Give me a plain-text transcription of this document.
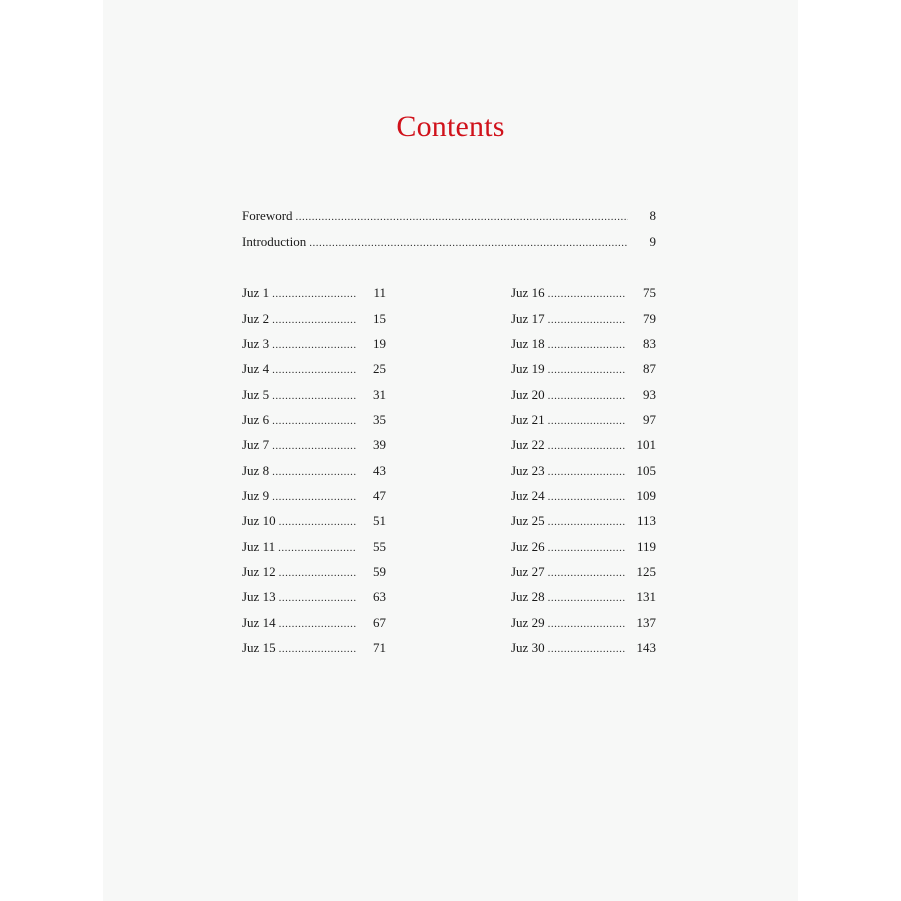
Contents
Foreword .....	8
Introduction .....	9
Juz 1 .....	11
Juz 2 .....	15
Juz 3 .....	19
Juz 4 .....	25
Juz 5 .....	31
Juz 6 .....	35
Juz 7 .....	39
Juz 8 .....	43
Juz 9 .....	47
Juz 10 .....	51
Juz 11 .....	55
Juz 12 .....	59
Juz 13 .....	63
Juz 14 .....	67
Juz 15 .....	71
Juz 16 .....	75
Juz 17 .....	79
Juz 18 .....	83
Juz 19 .....	87
Juz 20 .....	93
Juz 21 .....	97
Juz 22 .....	101
Juz 23 .....	105
Juz 24 .....	109
Juz 25 .....	113
Juz 26 .....	119
Juz 27 .....	125
Juz 28 .....	131
Juz 29 .....	137
Juz 30 .....	143
